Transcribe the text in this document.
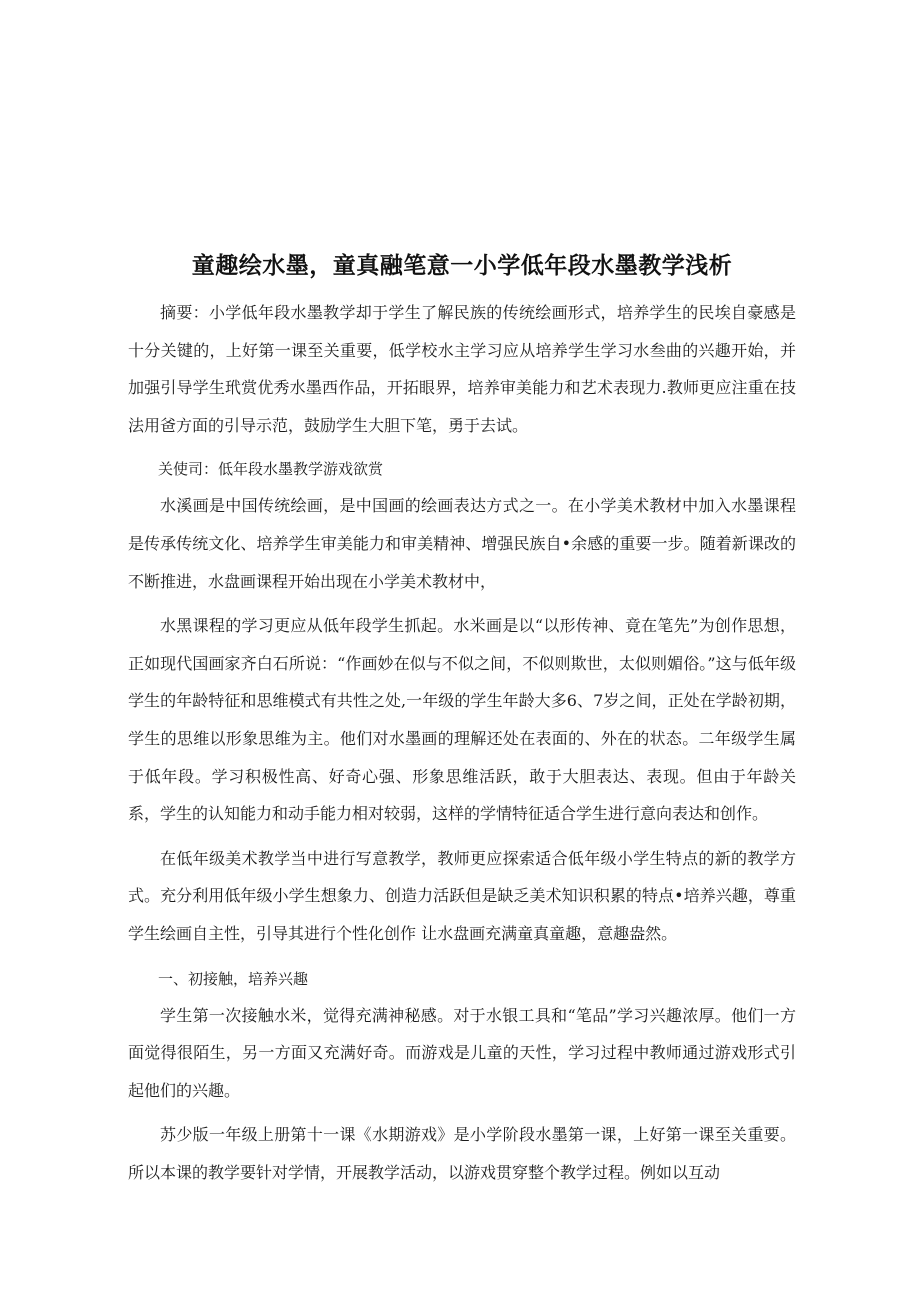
童趣绘水墨，童真融笔意一小学低年段水墨教学浅析

摘要：小学低年段水墨教学却于学生了解民族的传统绘画形式，培养学生的民埃自豪感是十分关键的，上好第一课至关重要，低学校水主学习应从培养学生学习水叁曲的兴趣开始，并加强引导学生玳赏优秀水墨西作品，开拓眼界，培养审美能力和艺术表现力.教师更应注重在技法用爸方面的引导示范，鼓励学生大胆下笔，勇于去试。

关使司：低年段水墨教学游戏欲赏

水溪画是中国传统绘画，是中国画的绘画表达方式之一。在小学美术教材中加入水墨课程是传承传统文化、培养学生审美能力和审美精神、增强民族自•余感的重要一步。随着新课改的不断推进，水盘画课程开始出现在小学美术教材中，

水黑课程的学习更应从低年段学生抓起。水米画是以“以形传神、竟在笔先”为创作思想，正如现代国画家齐白石所说：“作画妙在似与不似之间，不似则欺世，太似则媚俗。”这与低年级学生的年龄特征和思维模式有共性之处,一年级的学生年龄大多6、7岁之间，正处在学龄初期，学生的思维以形象思维为主。他们对水墨画的理解还处在表面的、外在的状态。二年级学生属于低年段。学习积极性高、好奇心强、形象思维活跃，敢于大胆表达、表现。但由于年龄关系，学生的认知能力和动手能力相对较弱，这样的学情特征适合学生进行意向表达和创作。

在低年级美术教学当中进行写意教学，教师更应探索适合低年级小学生特点的新的教学方式。充分利用低年级小学生想象力、创造力活跃但是缺乏美术知识积累的特点•培养兴趣，尊重学生绘画自主性，引导其进行个性化创作 让水盘画充满童真童趣，意趣盎然。

一、初接触，培养兴趣

学生第一次接触水米，觉得充满神秘感。对于水银工具和“笔品”学习兴趣浓厚。他们一方面觉得很陌生，另一方面又充满好奇。而游戏是儿童的天性，学习过程中教师通过游戏形式引起他们的兴趣。

苏少版一年级上册第十一课《水期游戏》是小学阶段水墨第一课，上好第一课至关重要。所以本课的教学要针对学情，开展教学活动，以游戏贯穿整个教学过程。例如以互动
